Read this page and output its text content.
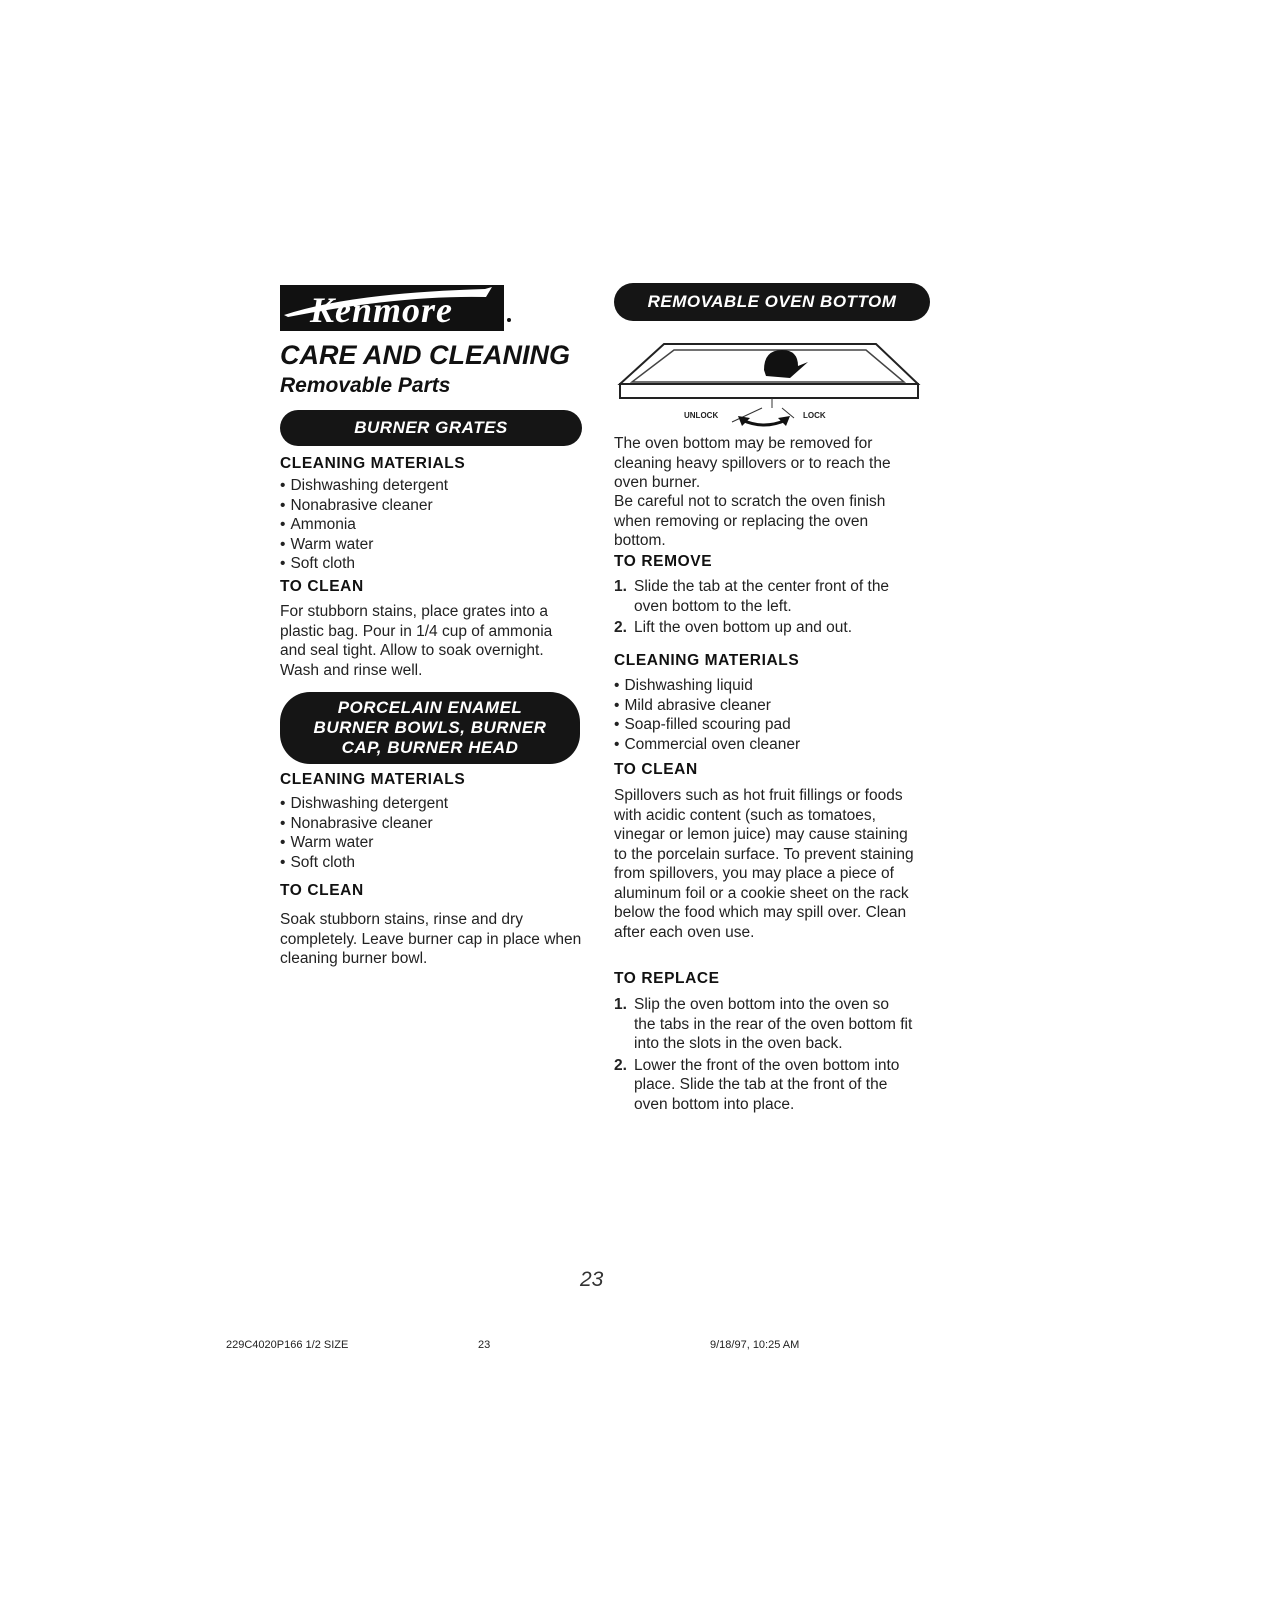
Kenmore
CARE AND CLEANING
Removable Parts
BURNER GRATES
CLEANING MATERIALS
• Dishwashing detergent
• Nonabrasive cleaner
• Ammonia
• Warm water
• Soft cloth
TO CLEAN
For stubborn stains, place grates into a plastic bag. Pour in 1/4 cup of ammonia and seal tight. Allow to soak overnight. Wash and rinse well.
PORCELAIN ENAMEL
BURNER BOWLS, BURNER
CAP, BURNER HEAD
CLEANING MATERIALS
• Dishwashing detergent
• Nonabrasive cleaner
• Warm water
• Soft cloth
TO CLEAN
Soak stubborn stains, rinse and dry completely. Leave burner cap in place when cleaning burner bowl.
REMOVABLE OVEN BOTTOM
UNLOCK	LOCK
The oven bottom may be removed for cleaning heavy spillovers or to reach the oven burner.
Be careful not to scratch the oven finish when removing or replacing the oven bottom.
TO REMOVE
1. Slide the tab at the center front of the oven bottom to the left.
2. Lift the oven bottom up and out.
CLEANING MATERIALS
• Dishwashing liquid
• Mild abrasive cleaner
• Soap-filled scouring pad
• Commercial oven cleaner
TO CLEAN
Spillovers such as hot fruit fillings or foods with acidic content (such as tomatoes, vinegar or lemon juice) may cause staining to the porcelain surface. To prevent staining from spillovers, you may place a piece of aluminum foil or a cookie sheet on the rack below the food which may spill over. Clean after each oven use.
TO REPLACE
1. Slip the oven bottom into the oven so the tabs in the rear of the oven bottom fit into the slots in the oven back.
2. Lower the front of the oven bottom into place. Slide the tab at the front of the oven bottom into place.
23
229C4020P166 1/2 SIZE	23	9/18/97, 10:25 AM
